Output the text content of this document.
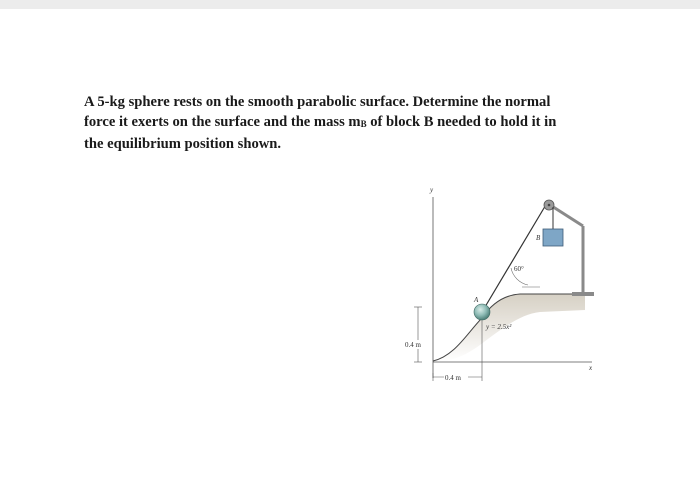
A 5-kg sphere rests on the smooth parabolic surface. Determine the normal
force it exerts on the surface and the mass mB of block B needed to hold it in
the equilibrium position shown.

y
x
0.4 m
0.4 m
y = 2.5x²
60°
A
B
